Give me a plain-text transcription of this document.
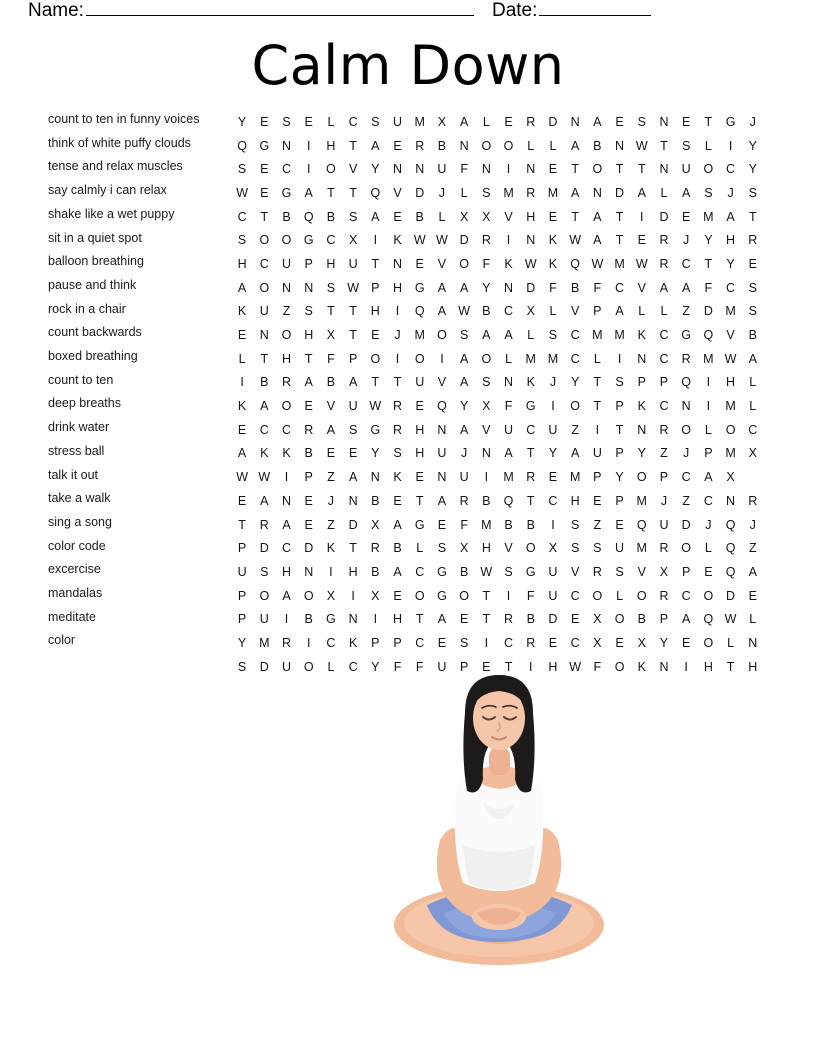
Name:	Date:
Calm Down
count to ten in funny voices
think of white puffy clouds
tense and relax muscles
say calmly i can relax
shake like a wet puppy
sit in a quiet spot
balloon breathing
pause and think
rock in a chair
count backwards
boxed breathing
count to ten
deep breaths
drink water
stress ball
talk it out
take a walk
sing a song
color code
excercise
mandalas
meditate
color
Y	E	S	E	L	C	S	U M	X	A	L	E	R	D	N	A	E	S	N	E	T	G	J
Q G	N	I	H	T	A	E	R	B	N	O O	L	L	A	B	N W T	S	L	I	Y
S	E	C	I	O	V	Y	N	N	U	F	N	I	N	E	T	O	T	T	N	U	O	C	Y
W E	G	A	T	T	Q	V	D	J	L	S	M R M	A	N	D	A	L	A	S	J	S
C	T	B	Q	B	S	A	E	B	L	X	X	V	H	E	T	A	T	I	D	E	M	A	T
S	O O G	C	X	I	K W W D	R	I	N	K W A	T	E	R	J	Y	H	R
H	C	U	P	H	U	T	N	E	V	O	F	K W K	Q W M W R	C	T	Y	E
A	O	N	N	S W P	H	G	A	A	Y	N	D	F	B	F	C	V	A	A	F	C	S
K	U	Z	S	T	T	H	I	Q	A W B	C	X	L	V	P	A	L	L	Z	D M	S
E	N	O	H	X	T	E	J	M O	S	A	A	L	S	C M M	K	C	G Q	V	B
L	T	H	T	F	P	O	I	O	I	A	O	L	M M C	L	I	N	C	R M W A
I	B	R	A	B	A	T	T	U	V	A	S	N	K	J	Y	T	S	P	P	Q	I	H	L
K	A	O	E	V	U W R	E	Q	Y	X	F	G	I	O	T	P	K	C	N	I	M	L
E	C	C	R	A	S	G	R	H	N	A	V	U	C	U	Z	I	T	N	R	O	L	O	C
A	K	K	B	E	E	Y	S	H	U	J	N	A	T	Y	A	U	P	Y	Z	J	P	M	X
W W	I	P	Z	A	N	K	E	N	U	I	M R	E	M	P	Y	O	P	C	A	X
E	A	N	E	J	N	B	E	T	A	R	B	Q	T	C	H	E	P	M	J	Z	C	N	R
T	R	A	E	Z	D	X	A	G	E	F	M	B	B	I	S	Z	E	Q	U	D	J	Q	J
P	D	C	D	K	T	R	B	L	S	X	H	V	O	X	S	S	U M R	O	L	Q	Z
U	S	H	N	I	H	B	A	C	G	B W S	G	U	V	R	S	V	X	P	E	Q	A
P	O	A	O	X	I	X	E	O G O	T	I	F	U	C	O	L	O	R	C	O	D	E
P	U	I	B	G	N	I	H	T	A	E	T	R	B	D	E	X	O	B	P	A	Q W	L
Y	M R	I	C	K	P	P	C	E	S	I	C	R	E	C	X	E	X	Y	E	O	L	N
S	D	U	O	L	C	Y	F	F	U	P	E	T	I	H W F	O	K	N	I	H	T	H
